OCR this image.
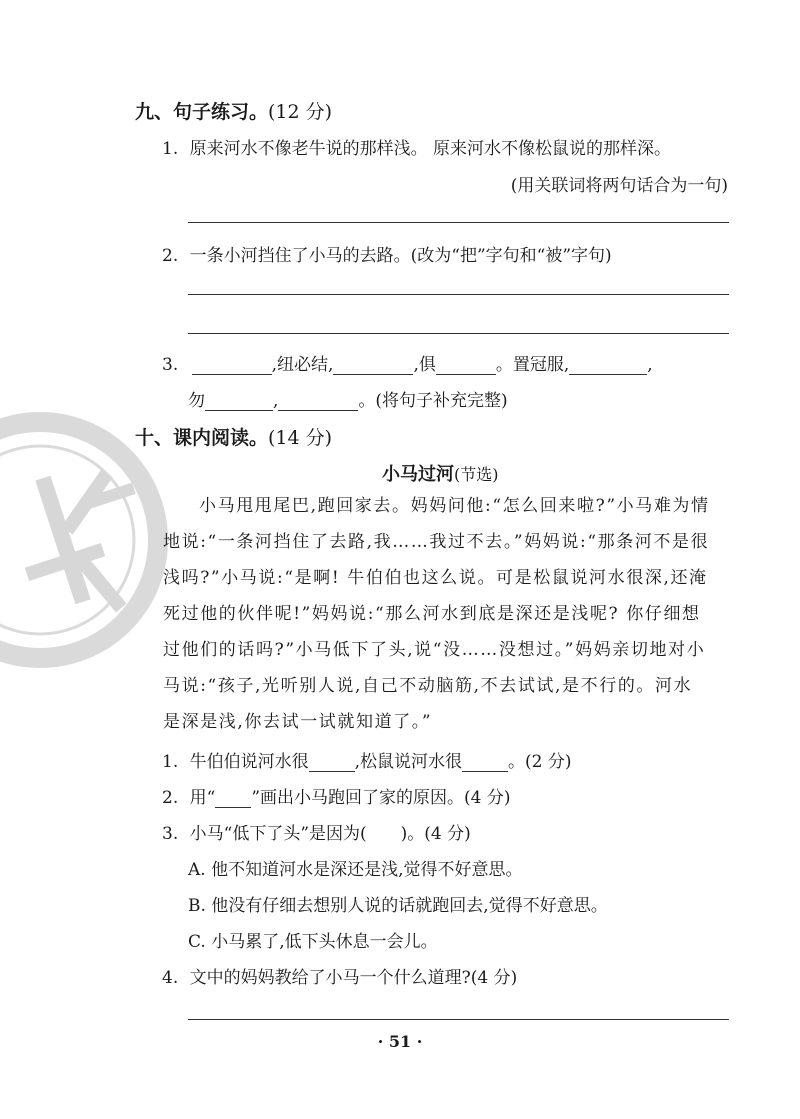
九、句子练习。(12 分)
1. 原来河水不像老牛说的那样浅。 原来河水不像松鼠说的那样深。
(用关联词将两句话合为一句)
2. 一条小河挡住了小马的去路。(改为“把”字句和“被”字句)
3.	,纽必结,	,俱	。置冠服,	,
勿	,	。(将句子补充完整)
十、课内阅读。(14 分)
小马过河(节选)
小马甩甩尾巴,跑回家去。妈妈问他:“怎么回来啦?”小马难为情
地说:“一条河挡住了去路,我……我过不去。”妈妈说:“那条河不是很
浅吗?”小马说:“是啊! 牛伯伯也这么说。可是松鼠说河水很深,还淹
死过他的伙伴呢!”妈妈说:“那么河水到底是深还是浅呢? 你仔细想
过他们的话吗?”小马低下了头,说“没……没想过。”妈妈亲切地对小
马说:“孩子,光听别人说,自己不动脑筋,不去试试,是不行的。河水
是深是浅,你去试一试就知道了。”
1. 牛伯伯说河水很	,松鼠说河水很	。(2 分)
2. 用“ ”画出小马跑回了家的原因。(4 分)
3. 小马“低下了头”是因为( )。(4 分)
A. 他不知道河水是深还是浅,觉得不好意思。
B. 他没有仔细去想别人说的话就跑回去,觉得不好意思。
C. 小马累了,低下头休息一会儿。
4. 文中的妈妈教给了小马一个什么道理?(4 分)
· 51 ·
